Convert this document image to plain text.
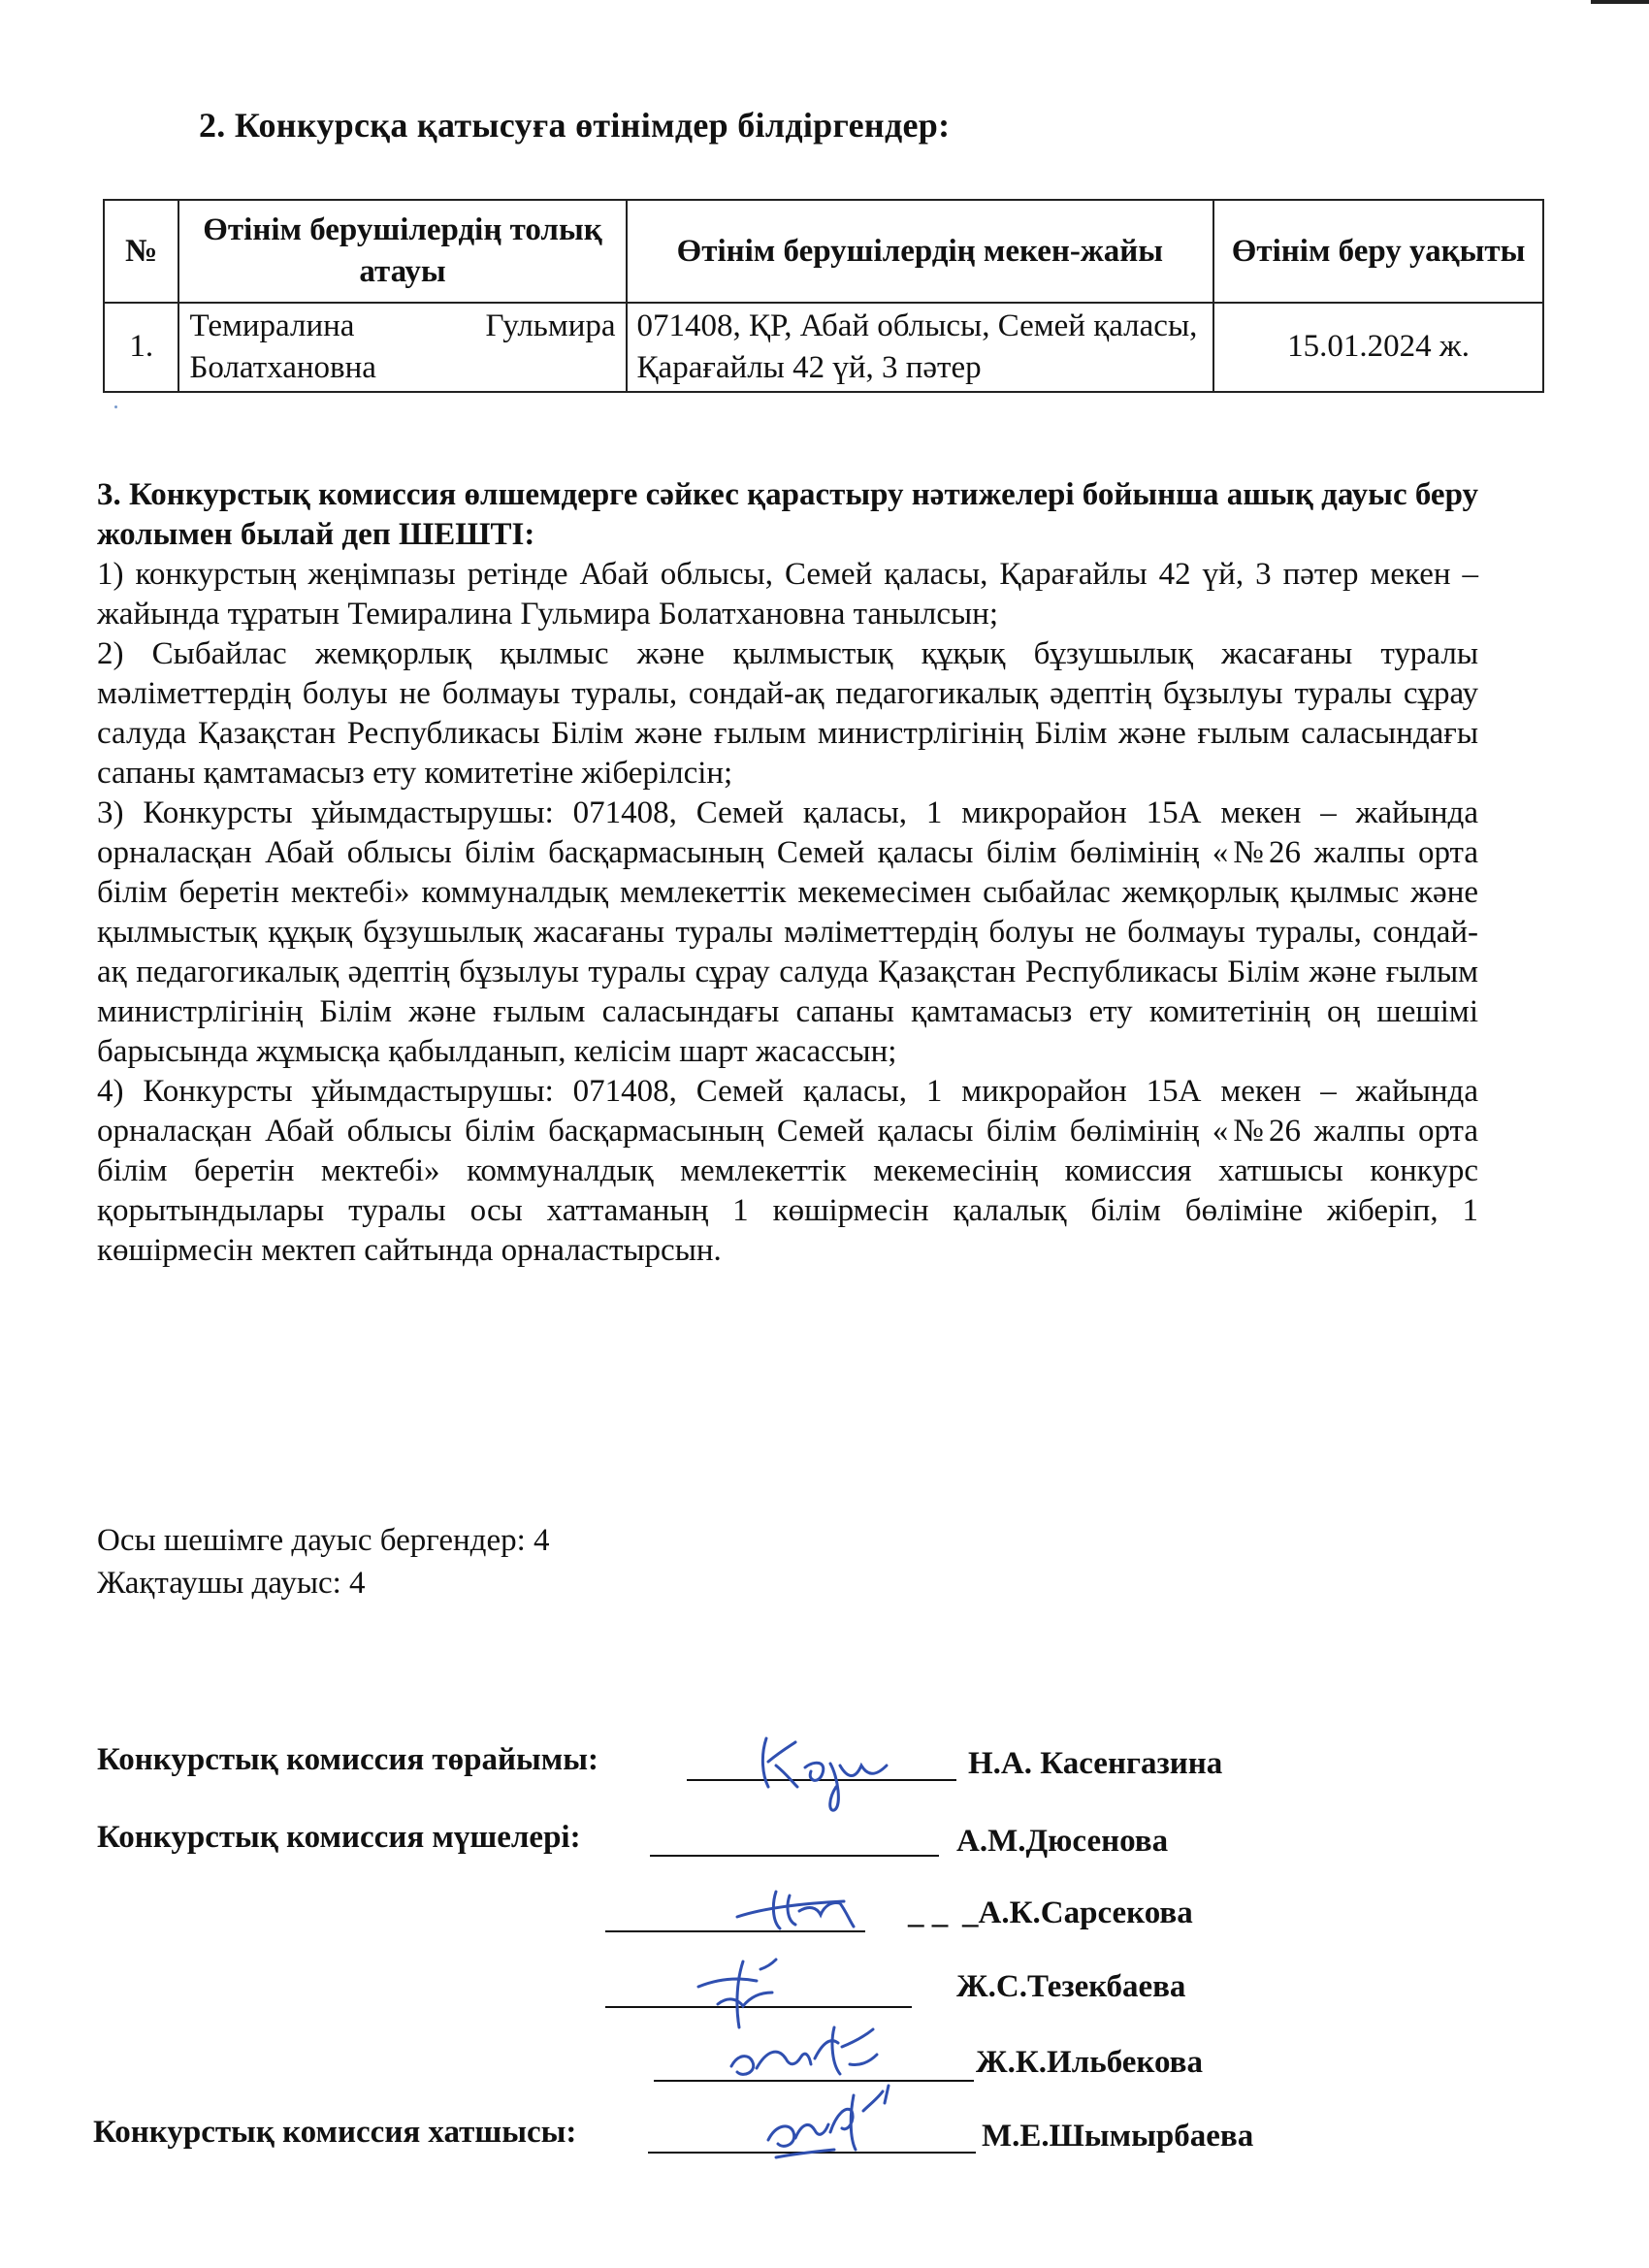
2. Конкурсқа қатысуға өтінімдер білдіргендер:
№	Өтінім берушілердің толық атауы	Өтінім берушілердің мекен-жайы	Өтінім беру уақыты
1.	Темиралина Гульмира Болатхановна	071408, ҚР, Абай облысы, Семей қаласы, Қарағайлы 42 үй, 3 пәтер	15.01.2024 ж.

3. Конкурстық комиссия өлшемдерге сәйкес қарастыру нәтижелері бойынша ашық дауыс беру жолымен былай деп ШЕШТІ:

1) конкурстың жеңімпазы ретінде Абай облысы, Семей қаласы, Қарағайлы 42 үй, 3 пәтер мекен – жайында тұратын Темиралина Гульмира Болатхановна танылсын;

2) Сыбайлас жемқорлық қылмыс және қылмыстық құқық бұзушылық жасағаны туралы мәліметтердің болуы не болмауы туралы, сондай-ақ педагогикалық әдептің бұзылуы туралы сұрау салуда Қазақстан Республикасы Білім және ғылым министрлігінің Білім және ғылым саласындағы сапаны қамтамасыз ету комитетіне жіберілсін;

3) Конкурсты ұйымдастырушы: 071408, Семей қаласы, 1 микрорайон 15А мекен – жайында орналасқан Абай облысы білім басқармасының Семей қаласы білім бөлімінің «№26 жалпы орта білім беретін мектебі» коммуналдық мемлекеттік мекемесімен сыбайлас жемқорлық қылмыс және қылмыстық құқық бұзушылық жасағаны туралы мәліметтердің болуы не болмауы туралы, сондай-ақ педагогикалық әдептің бұзылуы туралы сұрау салуда Қазақстан Республикасы Білім және ғылым министрлігінің Білім және ғылым саласындағы сапаны қамтамасыз ету комитетінің оң шешімі барысында жұмысқа қабылданып, келісім шарт жасассын;

4) Конкурсты ұйымдастырушы: 071408, Семей қаласы, 1 микрорайон 15А мекен – жайында орналасқан Абай облысы білім басқармасының Семей қаласы білім бөлімінің «№26 жалпы орта білім беретін мектебі» коммуналдық мемлекеттік мекемесінің комиссия хатшысы конкурс қорытындылары туралы осы хаттаманың 1 көшірмесін қалалық білім бөліміне жіберіп, 1 көшірмесін мектеп сайтында орналастырсын.

Осы шешімге дауыс бергендер: 4
Жақтаушы дауыс: 4
Конкурстық комиссия төрайымы:	Н.А. Касенгазина
Конкурстық комиссия мүшелері:	А.М.Дюсенова
_ _ _А.К.Сарсекова
Ж.С.Тезекбаева
Ж.К.Ильбекова
Конкурстық комиссия хатшысы:	М.Е.Шымырбаева
